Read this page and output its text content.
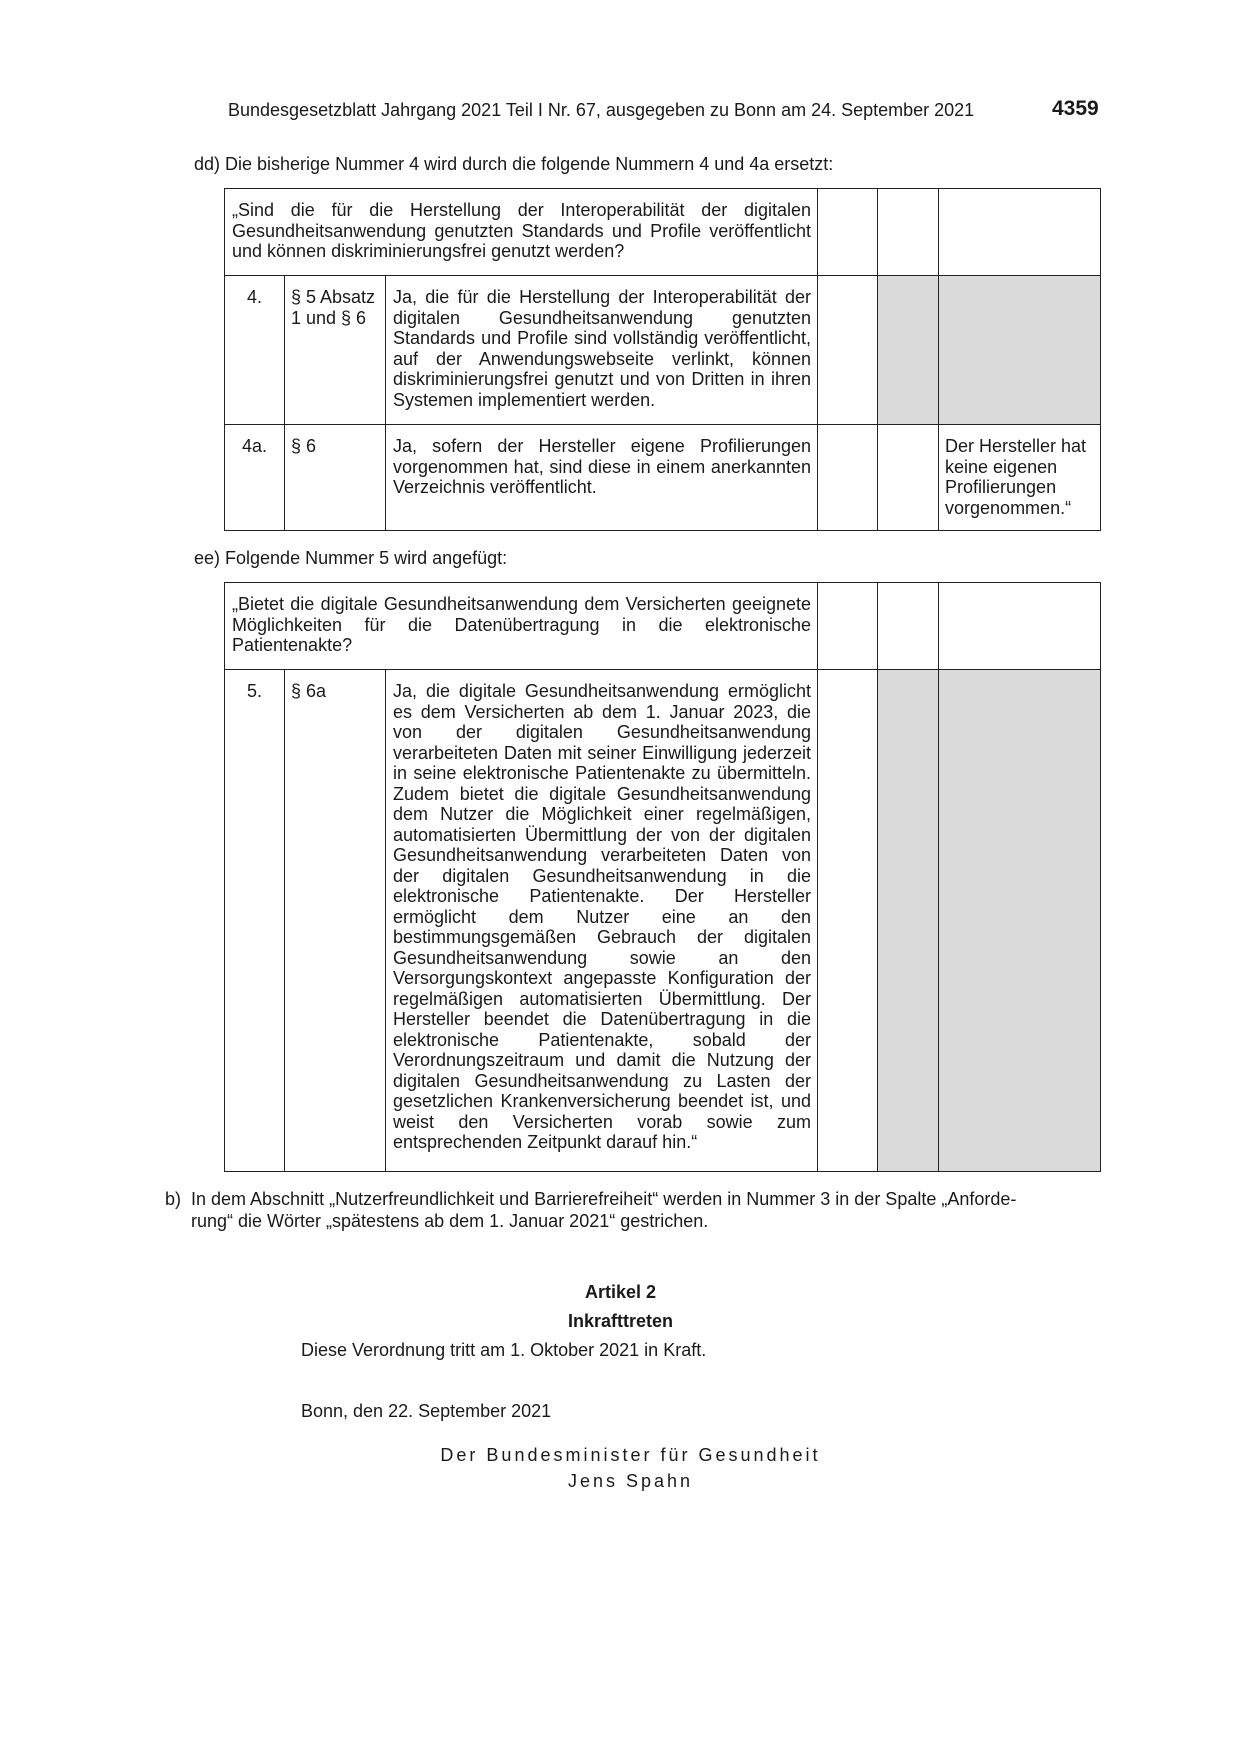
Bundesgesetzblatt Jahrgang 2021 Teil I Nr. 67, ausgegeben zu Bonn am 24. September 2021	4359
dd) Die bisherige Nummer 4 wird durch die folgende Nummern 4 und 4a ersetzt:
„Sind die für die Herstellung der Interoperabilität der digitalen Gesundheitsanwendung genutzten Standards und Profile veröffentlicht und können diskriminierungsfrei genutzt werden?					
4.	§ 5 Absatz 1 und § 6	Ja, die für die Herstellung der Interoperabilität der digitalen Gesundheitsanwendung genutzten Standards und Profile sind vollständig veröffentlicht, auf der Anwendungswebseite verlinkt, können diskriminierungsfrei genutzt und von Dritten in ihren Systemen implementiert werden.			
4a.	§ 6	Ja, sofern der Hersteller eigene Profilierungen vorgenommen hat, sind diese in einem anerkannten Verzeichnis veröffentlicht.			Der Hersteller hat keine eigenen Profilierungen vorgenommen.“
ee) Folgende Nummer 5 wird angefügt:
„Bietet die digitale Gesundheitsanwendung dem Versicherten geeignete Möglichkeiten für die Datenübertragung in die elektronische Patientenakte?					
5.	§ 6a	Ja, die digitale Gesundheitsanwendung ermöglicht es dem Versicherten ab dem 1. Januar 2023, die von der digitalen Gesundheitsanwendung verarbeiteten Daten mit seiner Einwilligung jederzeit in seine elektronische Patientenakte zu übermitteln. Zudem bietet die digitale Gesundheitsanwendung dem Nutzer die Möglichkeit einer regelmäßigen, automatisierten Übermittlung der von der digitalen Gesundheitsanwendung verarbeiteten Daten von der digitalen Gesundheitsanwendung in die elektronische Patientenakte. Der Hersteller ermöglicht dem Nutzer eine an den bestimmungsgemäßen Gebrauch der digitalen Gesundheitsanwendung sowie an den Versorgungskontext angepasste Konfiguration der regelmäßigen automatisierten Übermittlung. Der Hersteller beendet die Datenübertragung in die elektronische Patientenakte, sobald der Verordnungszeitraum und damit die Nutzung der digitalen Gesundheitsanwendung zu Lasten der gesetzlichen Krankenversicherung beendet ist, und weist den Versicherten vorab sowie zum entsprechenden Zeitpunkt darauf hin.“			
b) In dem Abschnitt „Nutzerfreundlichkeit und Barrierefreiheit“ werden in Nummer 3 in der Spalte „Anforde-
rung“ die Wörter „spätestens ab dem 1. Januar 2021“ gestrichen.
Artikel 2
Inkrafttreten
Diese Verordnung tritt am 1. Oktober 2021 in Kraft.
Bonn, den 22. September 2021
Der Bundesminister für Gesundheit
Jens Spahn
